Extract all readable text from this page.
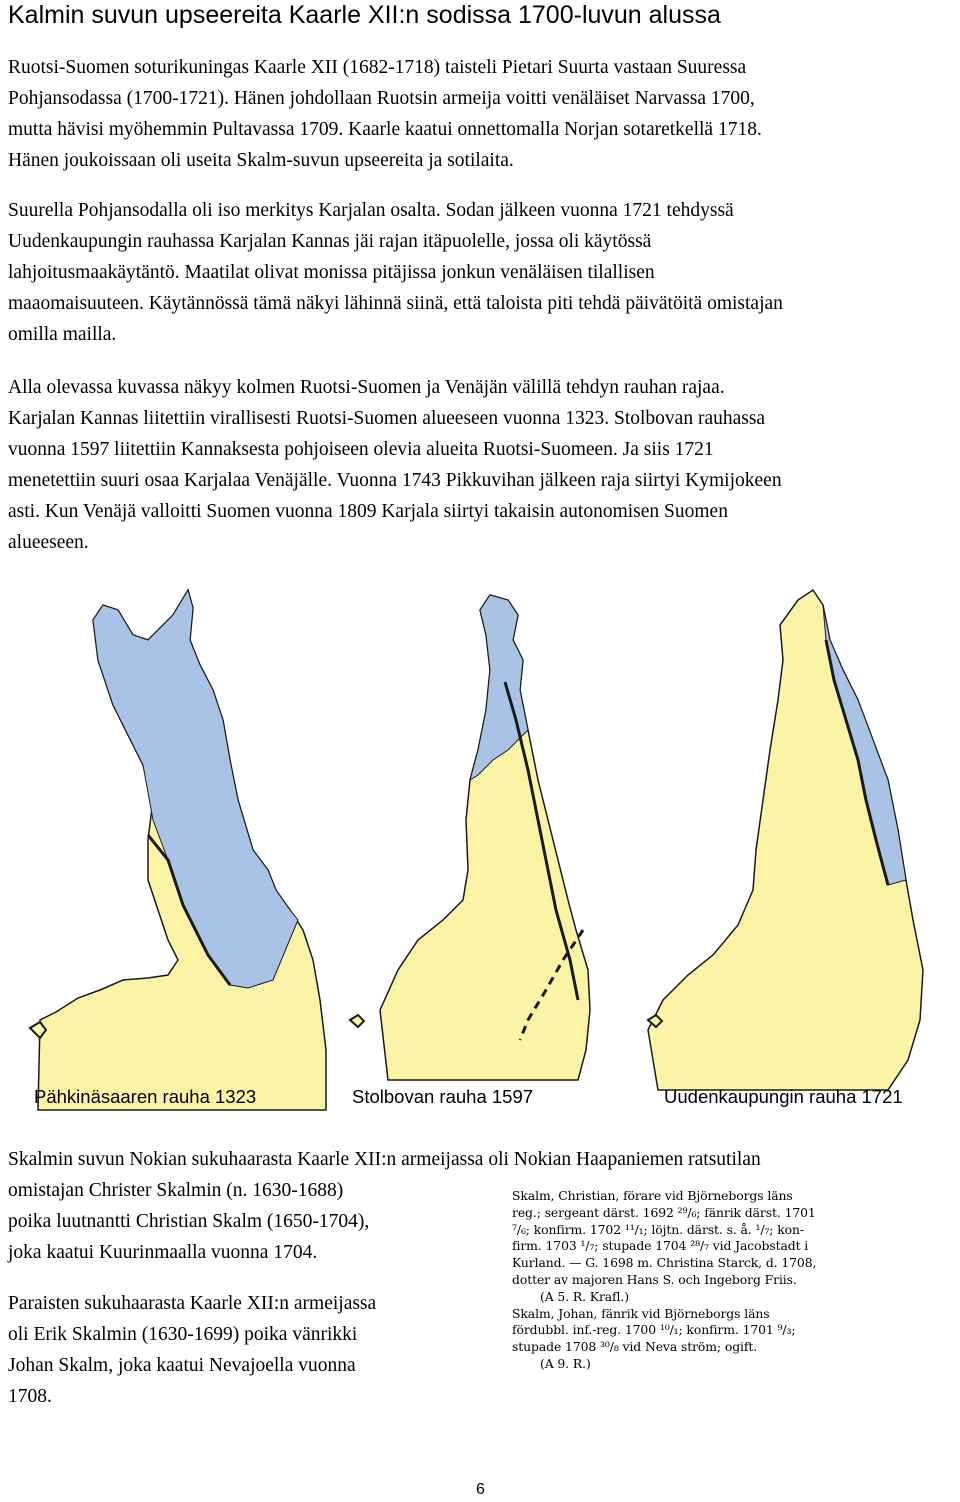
Kalmin suvun upseereita Kaarle XII:n sodissa 1700-luvun alussa

Ruotsi-Suomen soturikuningas Kaarle XII (1682-1718) taisteli Pietari Suurta vastaan Suuressa

Pohjansodassa (1700-1721). Hänen johdollaan Ruotsin armeija voitti venäläiset Narvassa 1700,

mutta hävisi myöhemmin Pultavassa 1709. Kaarle kaatui onnettomalla Norjan sotaretkellä 1718.

Hänen joukoissaan oli useita Skalm-suvun upseereita ja sotilaita.

Suurella Pohjansodalla oli iso merkitys Karjalan osalta. Sodan jälkeen vuonna 1721 tehdyssä

Uudenkaupungin rauhassa Karjalan Kannas jäi rajan itäpuolelle, jossa oli käytössä

lahjoitusmaakäytäntö. Maatilat olivat monissa pitäjissa jonkun venäläisen tilallisen

maaomaisuuteen. Käytännössä tämä näkyi lähinnä siinä, että taloista piti tehdä päivätöitä omistajan

omilla mailla.

Alla olevassa kuvassa näkyy kolmen Ruotsi-Suomen ja Venäjän välillä tehdyn rauhan rajaa.

Karjalan Kannas liitettiin virallisesti Ruotsi-Suomen alueeseen vuonna 1323. Stolbovan rauhassa

vuonna 1597 liitettiin Kannaksesta pohjoiseen olevia alueita Ruotsi-Suomeen. Ja siis 1721

menetettiin suuri osaa Karjalaa Venäjälle. Vuonna 1743 Pikkuvihan jälkeen raja siirtyi Kymijokeen

asti. Kun Venäjä valloitti Suomen vuonna 1809 Karjala siirtyi takaisin autonomisen Suomen

alueeseen.

Pähkinäsaaren rauha 1323	Stolbovan rauha 1597	Uudenkaupungin rauha 1721

Skalmin suvun Nokian sukuhaarasta Kaarle XII:n armeijassa oli Nokian Haapaniemen ratsutilan

omistajan Christer Skalmin (n. 1630-1688)

poika luutnantti Christian Skalm (1650-1704),

joka kaatui Kuurinmaalla vuonna 1704.

Skalm, Christian, förare vid Björneborgs läns
reg.; sergeant därst. 1692 ²⁹/₆; fänrik därst. 1701
⁷/₆; konfirm. 1702 ¹¹/₁; löjtn. därst. s. å. ¹/₇; kon-
firm. 1703 ¹/₇; stupade 1704 ²⁸/₇ vid Jacobstadt i
Kurland. — G. 1698 m. Christina Starck, d. 1708,
dotter av majoren Hans S. och Ingeborg Friis.
(A 5. R. Krafl.)
Skalm, Johan, fänrik vid Björneborgs läns
fördubbl. inf.-reg. 1700 ¹⁰/₁; konfirm. 1701 ⁹/₃;
stupade 1708 ³⁰/₈ vid Neva ström; ogift.
(A 9. R.)

Paraisten sukuhaarasta Kaarle XII:n armeijassa

oli Erik Skalmin (1630-1699) poika vänrikki

Johan Skalm, joka kaatui Nevajoella vuonna

1708.

6
